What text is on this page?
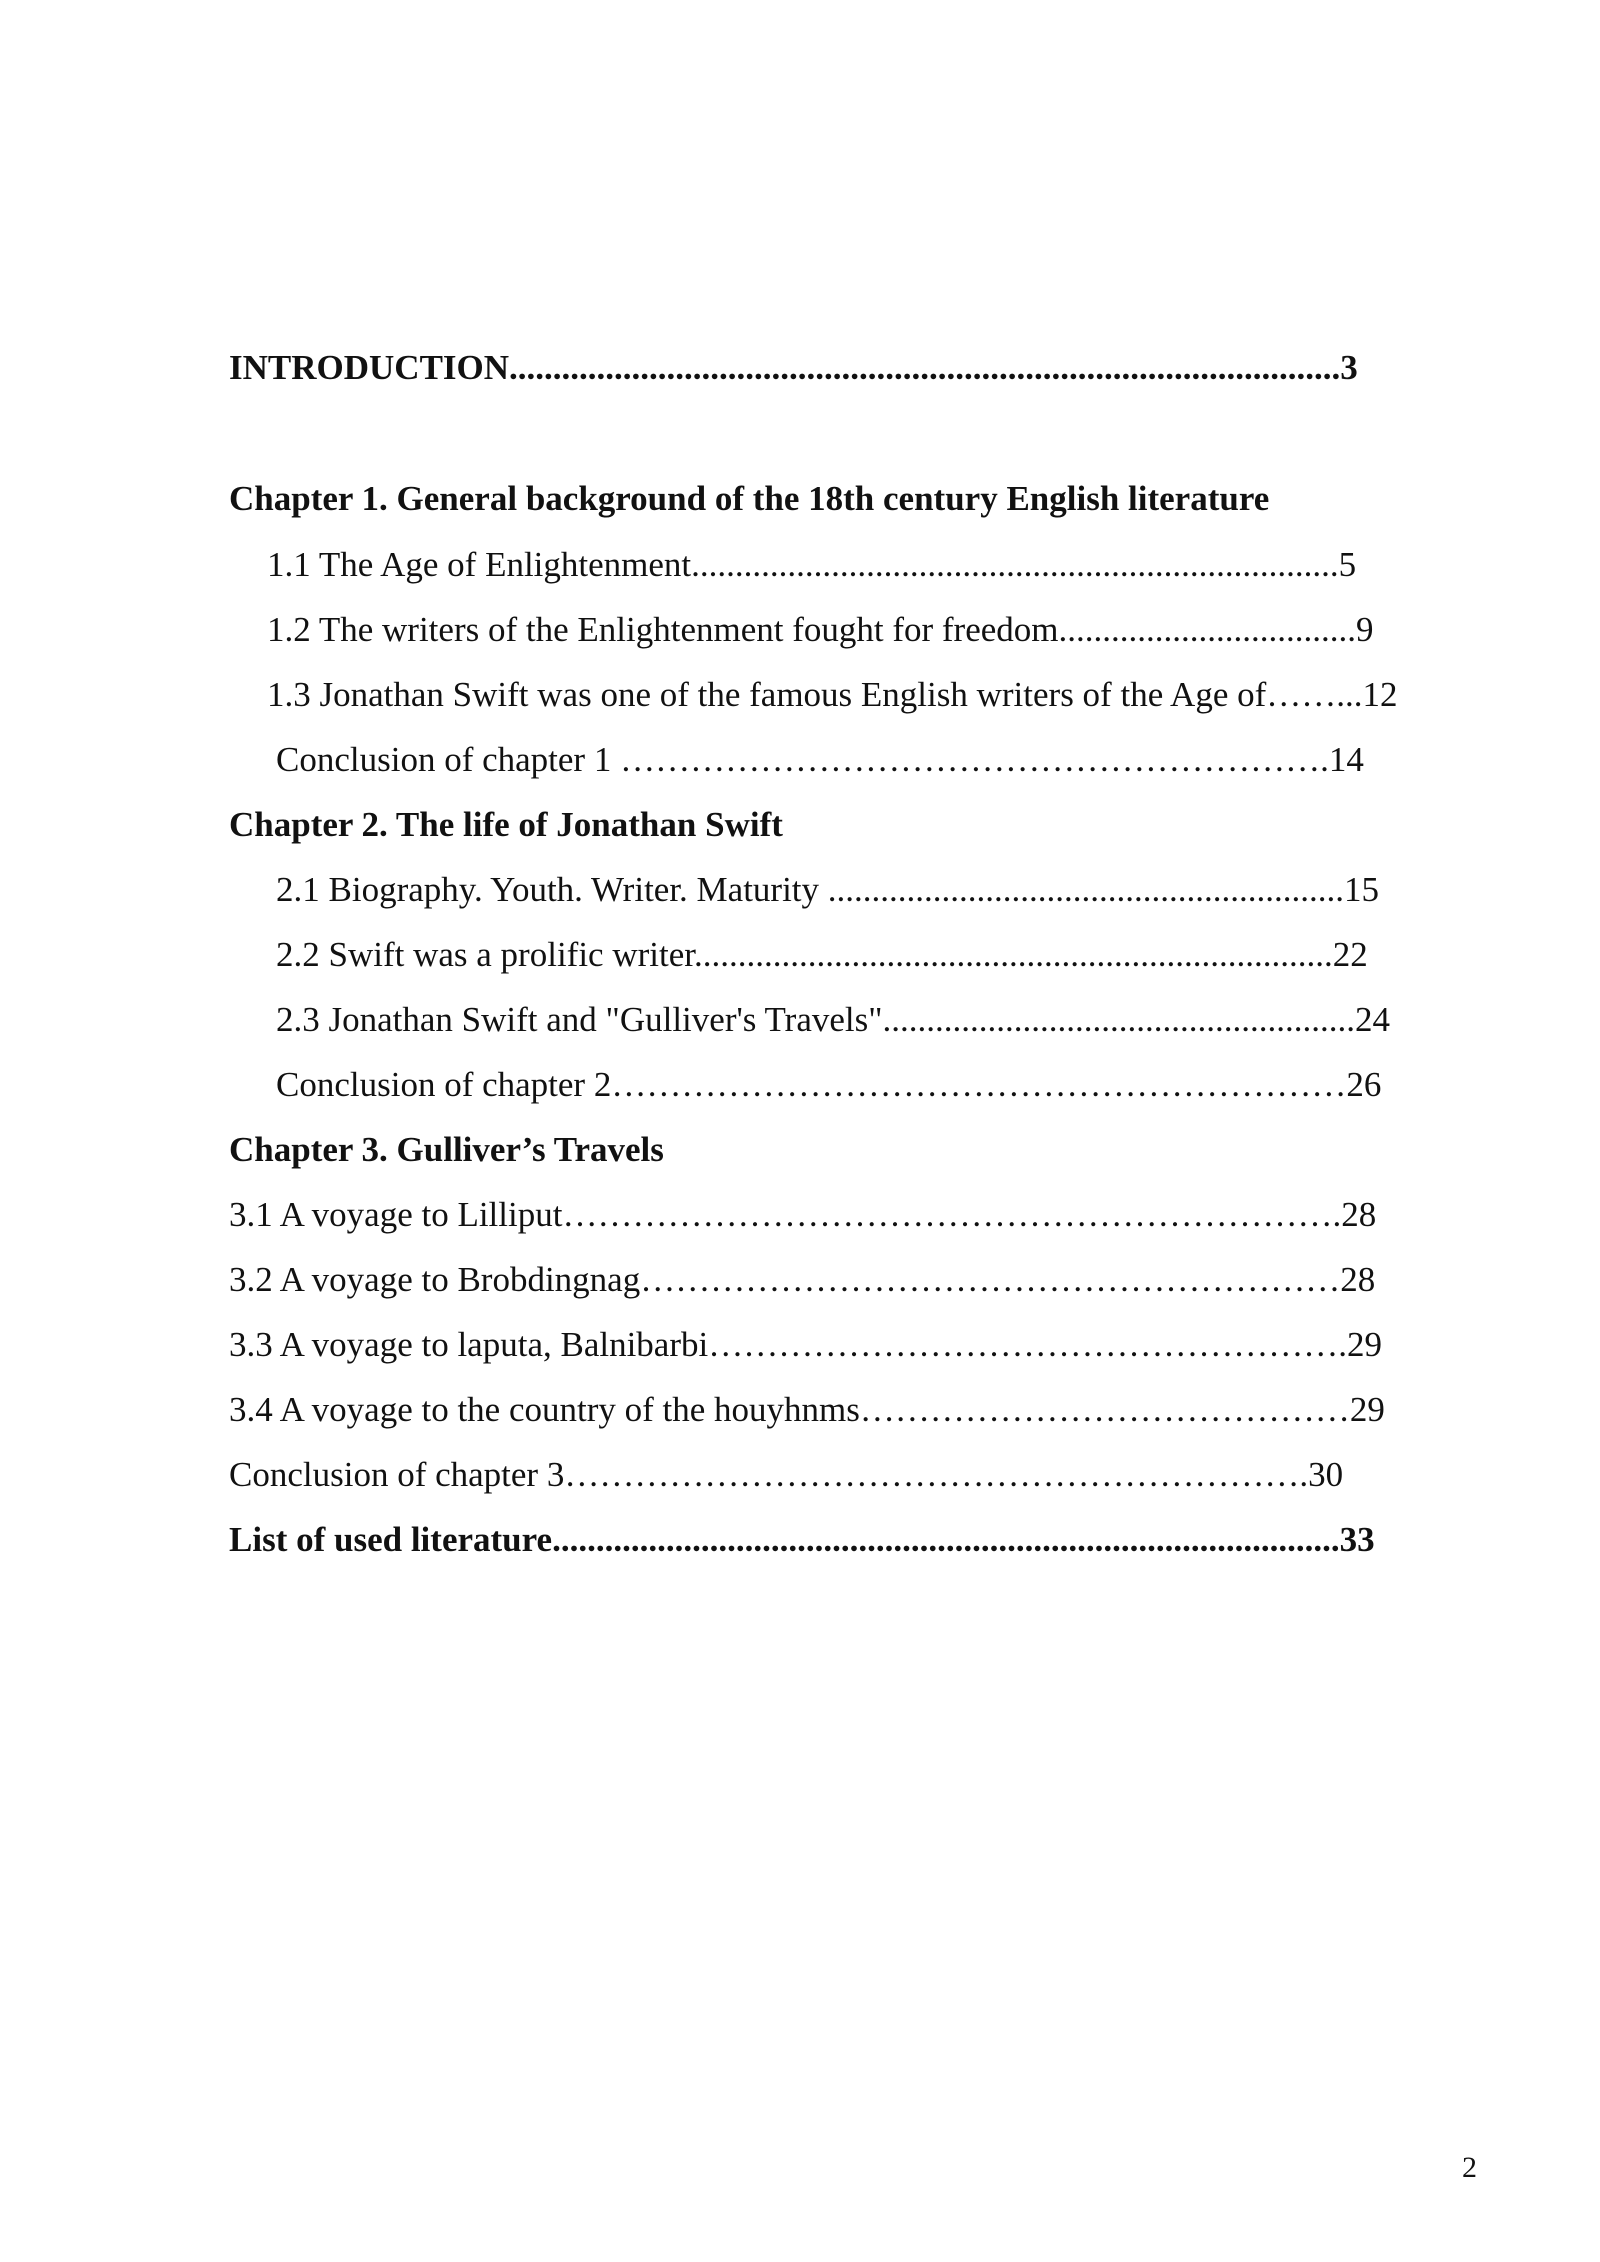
INTRODUCTION...............................................................................................3
Chapter 1. General background of the 18th century English literature
1.1 The Age of Enlightenment..........................................................................5
1.2 The writers of the Enlightenment fought for freedom..................................9
1.3 Jonathan Swift was one of the famous English writers of the Age of……...12
Conclusion of chapter 1 …………………………………………………….14
Chapter 2. The life of Jonathan Swift
2.1 Biography. Youth. Writer. Maturity ...........................................................15
2.2 Swift was a prolific writer.........................................................................22
2.3 Jonathan Swift and "Gulliver's Travels"......................................................24
Conclusion of chapter 2………………………………………………………26
Chapter 3. Gulliver’s Travels
3.1 A voyage to Lilliput………………………………………………………….28
3.2 A voyage to Brobdingnag……………………………………………………28
3.3 A voyage to laputa, Balnibarbi……………………………………………….29
3.4 A voyage to the country of the houyhnms……………………………………29
Conclusion of chapter 3……………………………………………………….30
List of used literature..........................................................................................33
2
